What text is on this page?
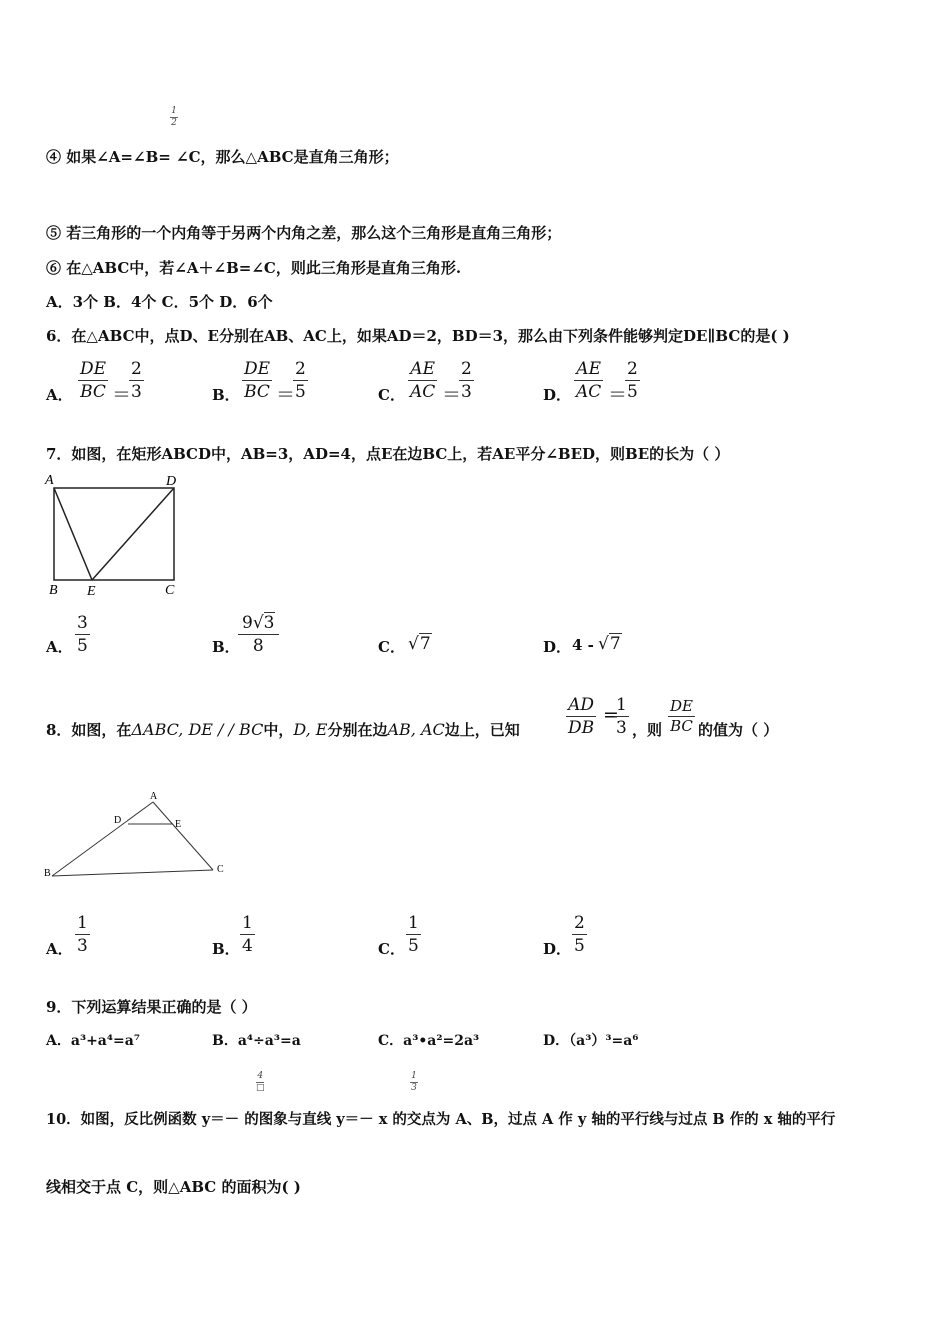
1
2
④ 如果∠A=∠B= ∠C，那么△ABC是直角三角形；
⑤ 若三角形的一个内角等于另两个内角之差，那么这个三角形是直角三角形；
⑥ 在△ABC中，若∠A＋∠B=∠C，则此三角形是直角三角形.
A．3个 B．4个 C．5个 D．6个
6．在△ABC中，点D、E分别在AB、AC上，如果AD＝2，BD＝3，那么由下列条件能够判定DE∥BC的是( )
A． $\frac{DE}{BC}$ ＝
$\frac{2}{3}$	B． $\frac{DE}{BC}$ ＝
$\frac{2}{5}$	C． $\frac{AE}{AC}$ ＝
$\frac{2}{3}$	D． $\frac{AE}{AC}$ ＝
$\frac{2}{5}$
7．如图，在矩形ABCD中，AB=3，AD=4，点E在边BC上，若AE平分∠BED，则BE的长为（ ）
A	D
B E	C
A． $\frac{3}{5}$	B． $\frac{9√3}{8}$	C． √7	D． 4 - √7
8．如图，在ΔABC, DE / / BC中，D, E分别在边AB, AC边上，已知	$\frac{AD}{DB}$ =
$\frac{1}{3}$ ，则 $\frac{DE}{BC}$ 的值为（ ）
A
D	E
B	C
A． $\frac{1}{3}$	B． $\frac{1}{4}$	C． $\frac{1}{5}$	D． $\frac{2}{5}$
9．下列运算结果正确的是（ ）
A．a³+a⁴=a⁷	B．a⁴÷a³=a	C．a³•a²=2a³	D．（a³）³=a⁶
4
□
1
3
10．如图，反比例函数 y＝－ 的图象与直线 y＝－ x 的交点为 A、B，过点 A 作 y 轴的平行线与过点 B 作的 x 轴的平行
线相交于点 C，则△ABC 的面积为( )
